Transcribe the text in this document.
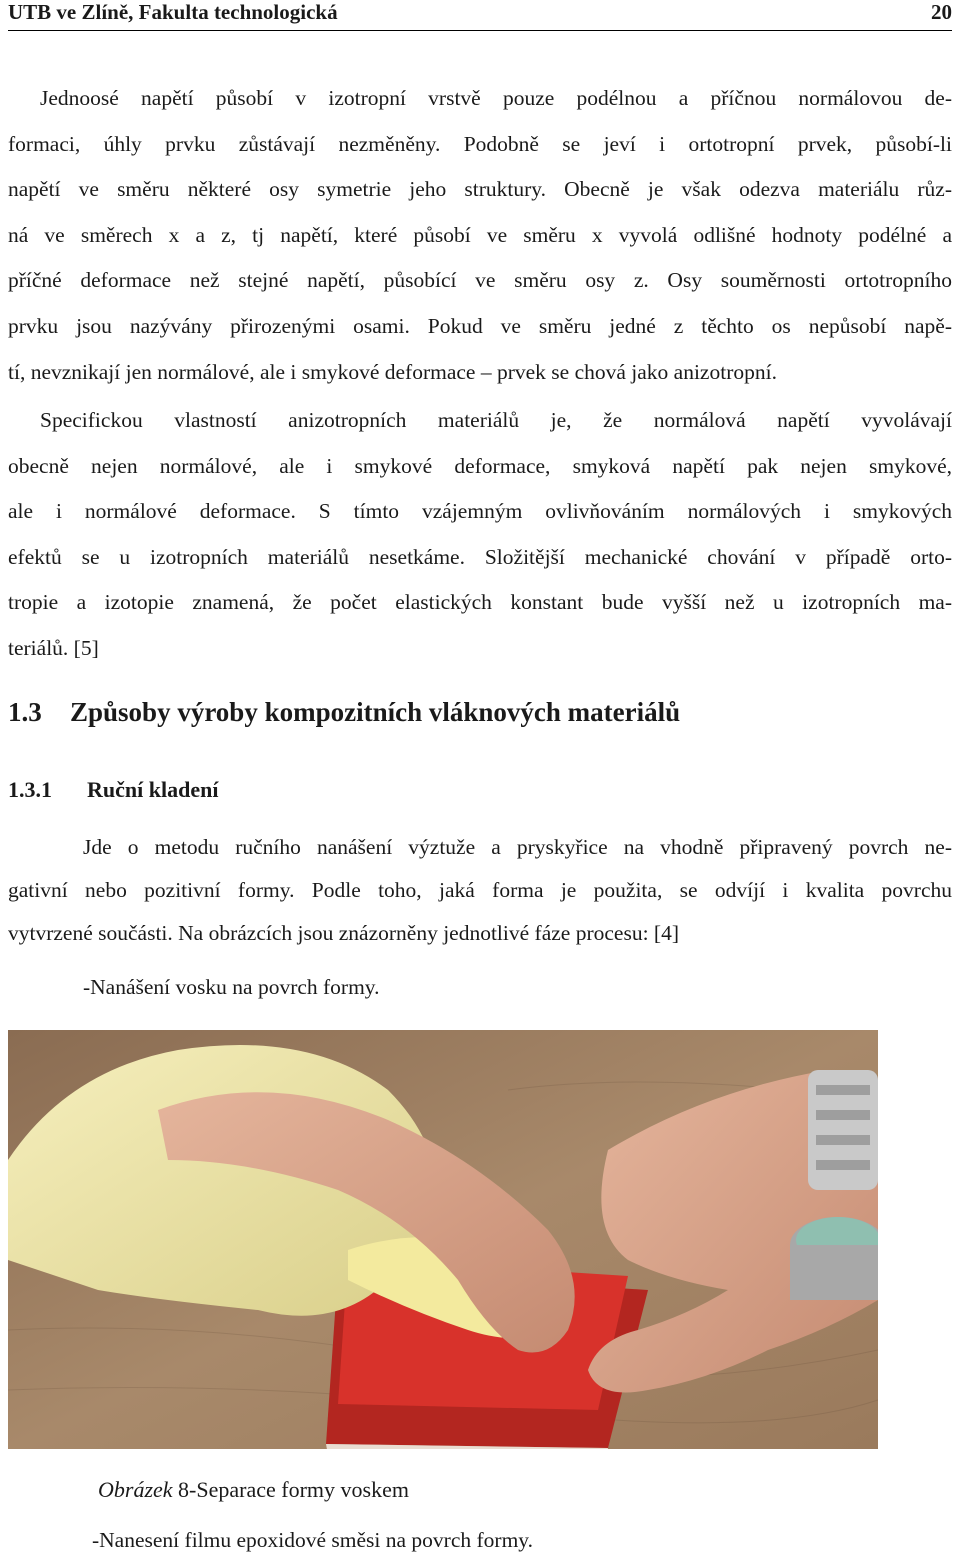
UTB ve Zlíně, Fakulta technologická	20
Jednoosé napětí působí v izotropní vrstvě pouze podélnou a příčnou normálovou de-
formaci, úhly prvku zůstávají nezměněny. Podobně se jeví i ortotropní prvek, působí-li
napětí ve směru některé osy symetrie jeho struktury. Obecně je však odezva materiálu růz-
ná ve směrech x a z, tj napětí, které působí ve směru x vyvolá odlišné hodnoty podélné a
příčné deformace než stejné napětí, působící ve směru osy z. Osy souměrnosti ortotropního
prvku jsou nazývány přirozenými osami. Pokud ve směru jedné z těchto os nepůsobí napě-
tí, nevznikají jen normálové, ale i smykové deformace – prvek se chová jako anizotropní.
Specifickou vlastností anizotropních materiálů je, že normálová napětí vyvolávají
obecně nejen normálové, ale i smykové deformace, smyková napětí pak nejen smykové,
ale i normálové deformace. S tímto vzájemným ovlivňováním normálových i smykových
efektů se u izotropních materiálů nesetkáme. Složitější mechanické chování v případě orto-
tropie a izotopie znamená, že počet elastických konstant bude vyšší než u izotropních ma-
teriálů. [5]
1.3 Způsoby výroby kompozitních vláknových materiálů
1.3.1 Ruční kladení
Jde o metodu ručního nanášení výztuže a pryskyřice na vhodně připravený povrch ne-
gativní nebo pozitivní formy. Podle toho, jaká forma je použita, se odvíjí i kvalita povrchu
vytvrzené součásti. Na obrázcích jsou znázorněny jednotlivé fáze procesu: [4]

-Nanášení vosku na povrch formy.

Obrázek 8-Separace formy voskem

-Nanesení filmu epoxidové směsi na povrch formy.
